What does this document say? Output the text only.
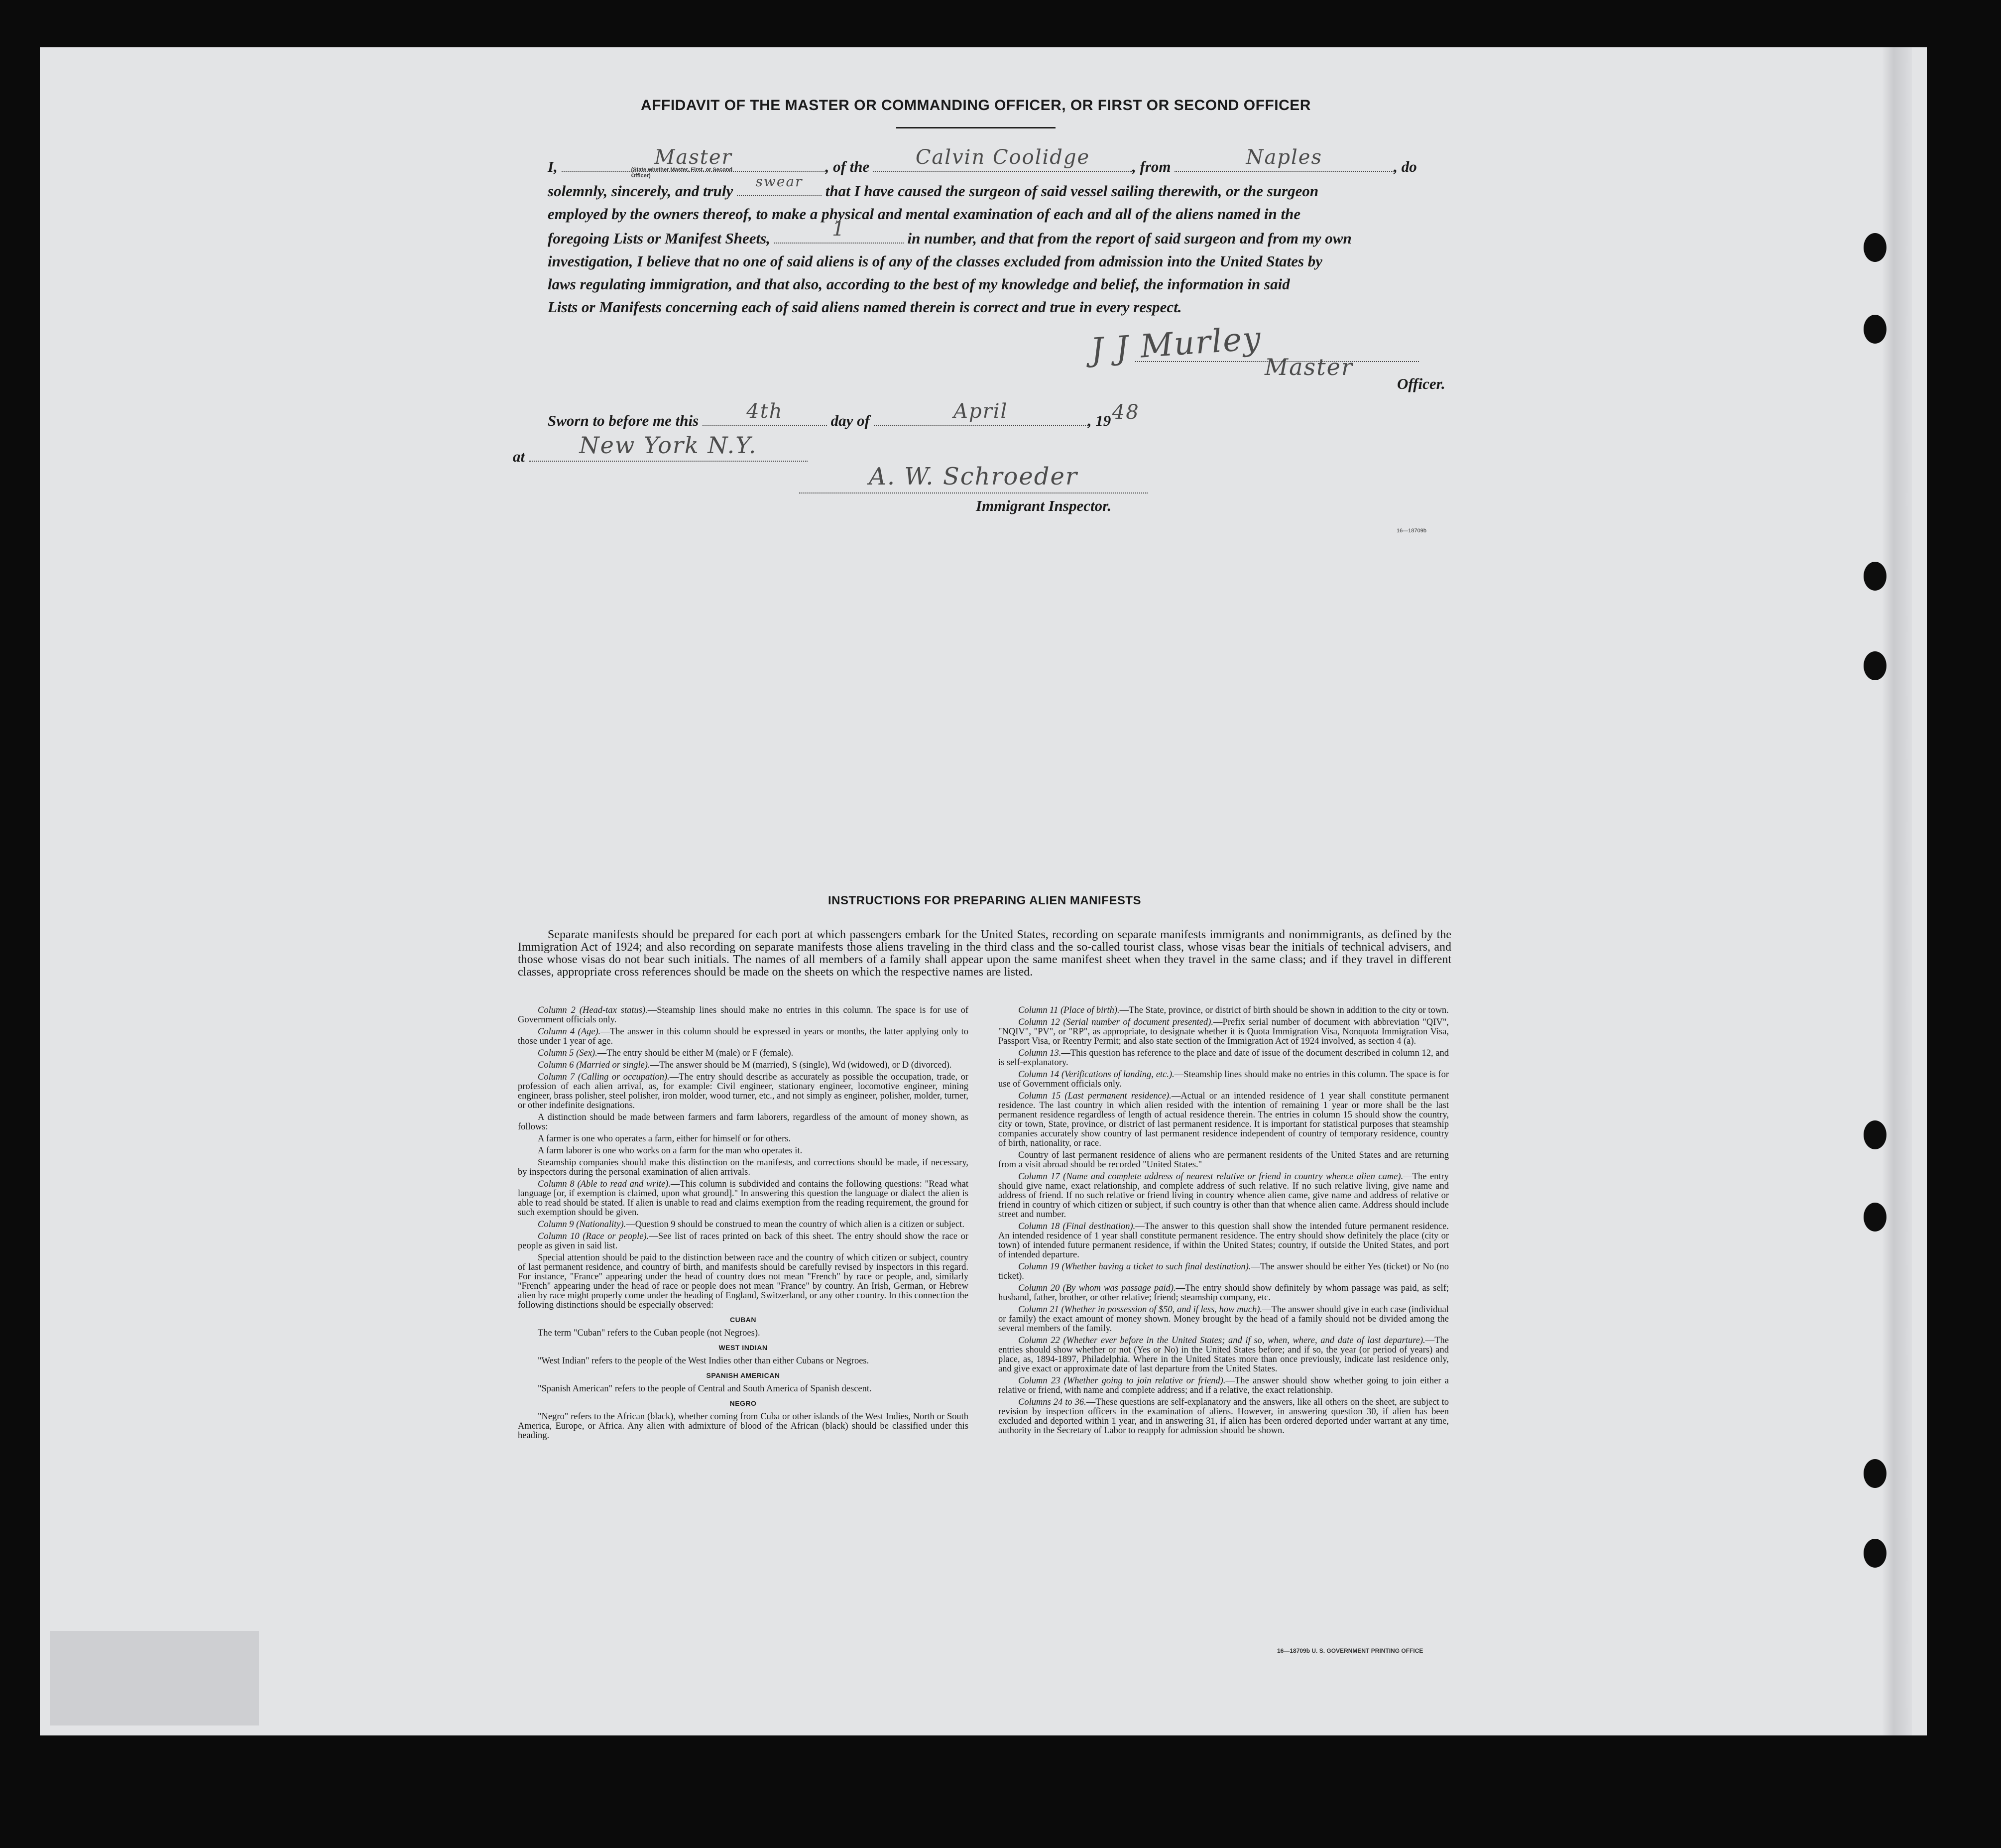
AFFIDAVIT OF THE MASTER OR COMMANDING OFFICER, OR FIRST OR SECOND OFFICER
I,	Master
(State whether Master, First, or Second Officer)
, of the	Calvin Coolidge	, from	Naples	, do
solemnly, sincerely, and truly
swear
that I have caused the surgeon of said vessel sailing therewith, or the surgeon
employed by the owners thereof, to make a physical and mental examination of each and all of the aliens named in the
foregoing Lists or Manifest Sheets,	1	in number, and that from the report of said surgeon and from my own
investigation, I believe that no one of said aliens is of any of the classes excluded from admission into the United States by
laws regulating immigration, and that also, according to the best of my knowledge and belief, the information in said
Lists or Manifests concerning each of said aliens named therein is correct and true in every respect.
J J Murley Master
Officer.
Sworn to before me this	4th	day of	April	, 19 48
at	New York N.Y.
A. W. Schroeder
Immigrant Inspector.
16—18709b
INSTRUCTIONS FOR PREPARING ALIEN MANIFESTS
Separate manifests should be prepared for each port at which passengers embark for the United States, recording on separate manifests immigrants and nonimmigrants, as defined by the Immigration Act of 1924; and also recording on separate manifests those aliens traveling in the third class and the so-called tourist class, whose visas bear the initials of technical advisers, and those whose visas do not bear such initials. The names of all members of a family shall appear upon the same manifest sheet when they travel in the same class; and if they travel in different classes, appropriate cross references should be made on the sheets on which the respective names are listed.

Column 2 (Head-tax status).—Steamship lines should make no entries in this column. The space is for use of Government officials only.

Column 4 (Age).—The answer in this column should be expressed in years or months, the latter applying only to those under 1 year of age.

Column 5 (Sex).—The entry should be either M (male) or F (female).

Column 6 (Married or single).—The answer should be M (married), S (single), Wd (widowed), or D (divorced).

Column 7 (Calling or occupation).—The entry should describe as accurately as possible the occupation, trade, or profession of each alien arrival, as, for example: Civil engineer, stationary engineer, locomotive engineer, mining engineer, brass polisher, steel polisher, iron molder, wood turner, etc., and not simply as engineer, polisher, molder, turner, or other indefinite designations.

A distinction should be made between farmers and farm laborers, regardless of the amount of money shown, as follows:

A farmer is one who operates a farm, either for himself or for others.

A farm laborer is one who works on a farm for the man who operates it.

Steamship companies should make this distinction on the manifests, and corrections should be made, if necessary, by inspectors during the personal examination of alien arrivals.

Column 8 (Able to read and write).—This column is subdivided and contains the following questions: "Read what language [or, if exemption is claimed, upon what ground]." In answering this question the language or dialect the alien is able to read should be stated. If alien is unable to read and claims exemption from the reading requirement, the ground for such exemption should be given.

Column 9 (Nationality).—Question 9 should be construed to mean the country of which alien is a citizen or subject.

Column 10 (Race or people).—See list of races printed on back of this sheet. The entry should show the race or people as given in said list.

Special attention should be paid to the distinction between race and the country of which citizen or subject, country of last permanent residence, and country of birth, and manifests should be carefully revised by inspectors in this regard. For instance, "France" appearing under the head of country does not mean "French" by race or people, and, similarly "French" appearing under the head of race or people does not mean "France" by country. An Irish, German, or Hebrew alien by race might properly come under the heading of England, Switzerland, or any other country. In this connection the following distinctions should be especially observed:

CUBAN

The term "Cuban" refers to the Cuban people (not Negroes).

WEST INDIAN

"West Indian" refers to the people of the West Indies other than either Cubans or Negroes.

SPANISH AMERICAN

"Spanish American" refers to the people of Central and South America of Spanish descent.

NEGRO

"Negro" refers to the African (black), whether coming from Cuba or other islands of the West Indies, North or South America, Europe, or Africa. Any alien with admixture of blood of the African (black) should be classified under this heading.

Column 11 (Place of birth).—The State, province, or district of birth should be shown in addition to the city or town.

Column 12 (Serial number of document presented).—Prefix serial number of document with abbreviation "QIV", "NQIV", "PV", or "RP", as appropriate, to designate whether it is Quota Immigration Visa, Nonquota Immigration Visa, Passport Visa, or Reentry Permit; and also state section of the Immigration Act of 1924 involved, as section 4 (a).

Column 13.—This question has reference to the place and date of issue of the document described in column 12, and is self-explanatory.

Column 14 (Verifications of landing, etc.).—Steamship lines should make no entries in this column. The space is for use of Government officials only.

Column 15 (Last permanent residence).—Actual or an intended residence of 1 year shall constitute permanent residence. The last country in which alien resided with the intention of remaining 1 year or more shall be the last permanent residence regardless of length of actual residence therein. The entries in column 15 should show the country, city or town, State, province, or district of last permanent residence. It is important for statistical purposes that steamship companies accurately show country of last permanent residence independent of country of temporary residence, country of birth, nationality, or race.

Country of last permanent residence of aliens who are permanent residents of the United States and are returning from a visit abroad should be recorded "United States."

Column 17 (Name and complete address of nearest relative or friend in country whence alien came).—The entry should give name, exact relationship, and complete address of such relative. If no such relative living, give name and address of friend. If no such relative or friend living in country whence alien came, give name and address of relative or friend in country of which citizen or subject, if such country is other than that whence alien came. Address should include street and number.

Column 18 (Final destination).—The answer to this question shall show the intended future permanent residence. An intended residence of 1 year shall constitute permanent residence. The entry should show definitely the place (city or town) of intended future permanent residence, if within the United States; country, if outside the United States, and port of intended departure.

Column 19 (Whether having a ticket to such final destination).—The answer should be either Yes (ticket) or No (no ticket).

Column 20 (By whom was passage paid).—The entry should show definitely by whom passage was paid, as self; husband, father, brother, or other relative; friend; steamship company, etc.

Column 21 (Whether in possession of $50, and if less, how much).—The answer should give in each case (individual or family) the exact amount of money shown. Money brought by the head of a family should not be divided among the several members of the family.

Column 22 (Whether ever before in the United States; and if so, when, where, and date of last departure).—The entries should show whether or not (Yes or No) in the United States before; and if so, the year (or period of years) and place, as, 1894-1897, Philadelphia. Where in the United States more than once previously, indicate last residence only, and give exact or approximate date of last departure from the United States.

Column 23 (Whether going to join relative or friend).—The answer should show whether going to join either a relative or friend, with name and complete address; and if a relative, the exact relationship.

Columns 24 to 36.—These questions are self-explanatory and the answers, like all others on the sheet, are subject to revision by inspection officers in the examination of aliens. However, in answering question 30, if alien has been excluded and deported within 1 year, and in answering 31, if alien has been ordered deported under warrant at any time, authority in the Secretary of Labor to reapply for admission should be shown.

16—18709b U. S. GOVERNMENT PRINTING OFFICE
